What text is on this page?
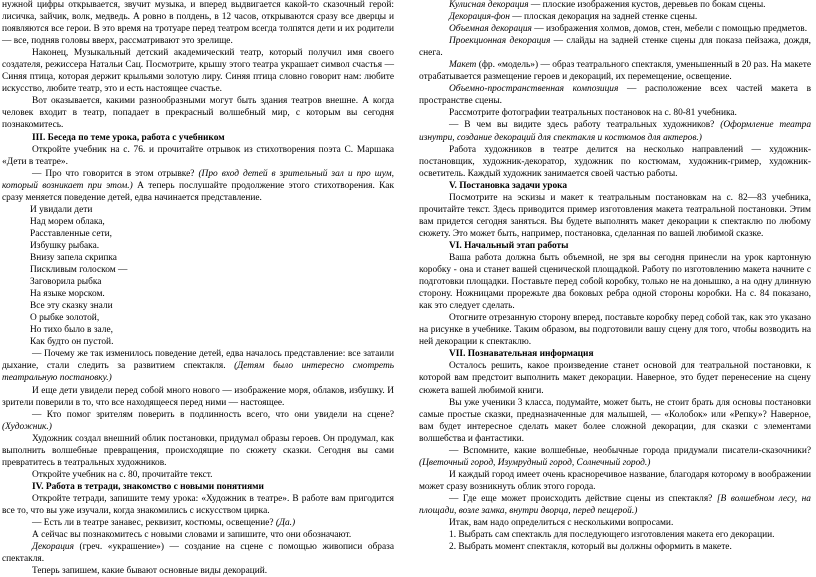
нужной цифры открывается, звучит музыка, и вперед выдвигается какой-то сказочный герой: лисичка, зайчик, волк, медведь. А ровно в полдень, в 12 часов, открываются сразу все дверцы и появляются все герои. В это время на тротуаре перед театром всегда толпятся дети и их родители — все, подняв головы вверх, рассматривают это зрелище.

Наконец, Музыкальный детский академический театр, который получил имя своего создателя, режиссера Натальи Сац. Посмотрите, крышу этого театра украшает символ счастья — Синяя птица, которая держит крыльями золотую лиру. Синяя птица словно говорит нам: любите искусство, любите театр, это и есть настоящее счастье.

Вот оказывается, какими разнообразными могут быть здания театров внешне. А когда человек входит в театр, попадает в прекрасный волшебный мир, с которым вы сегодня познакомитесь.

III. Беседа по теме урока, работа с учебником

Откройте учебник на с. 76. и прочитайте отрывок из стихотворения поэта С. Маршака «Дети в театре».

— Про что говорится в этом отрывке? (Про вход детей в зрительный зал и про шум, который возникает при этом.) А теперь послушайте продолжение этого стихотворения. Как сразу меняется поведение детей, едва начинается представление.

И увидали дети

Над морем облака,

Расставленные сети,

Избушку рыбака.

Внизу запела скрипка

Пискливым голоском —

Заговорила рыбка

На языке морском.

Все эту сказку знали

О рыбке золотой,

Но тихо было в зале,

Как будто он пустой.

— Почему же так изменилось поведение детей, едва началось представление: все затаили дыхание, стали следить за развитием спектакля. (Детям было интересно смотреть театральную постановку.)

И еще дети увидели перед собой много нового — изображение моря, облаков, избушку. И зрители поверили в то, что все находящееся перед ними — настоящее.

— Кто помог зрителям поверить в подлинность всего, что они увидели на сцене? (Художник.)

Художник создал внешний облик постановки, придумал образы героев. Он продумал, как выполнить волшебные превращения, происходящие по сюжету сказки. Сегодня вы сами превратитесь в театральных художников.

Откройте учебник на с. 80, прочитайте текст.

IV. Работа в тетради, знакомство с новыми понятиями

Откройте тетради, запишите тему урока: «Художник в театре». В работе вам пригодится все то, что вы уже изучали, когда знакомились с искусством цирка.

— Есть ли в театре занавес, реквизит, костюмы, освещение? (Да.)

А сейчас вы познакомитесь с новыми словами и запишите, что они обозначают.

Декорация (греч. «украшение») — создание на сцене с помощью живописи образа спектакля.

Теперь запишем, какие бывают основные виды декораций.

Кулисная декорация — плоские изображения кустов, деревьев по бокам сцены.

Декорация-фон — плоская декорация на задней стенке сцены.

Объемная декорация — изображения холмов, домов, стен, мебели с помощью предметов.

Проекционная декорация — слайды на задней стенке сцены для показа пейзажа, дождя, снега.

Макет (фр. «модель») — образ театрального спектакля, уменьшенный в 20 раз. На макете отрабатывается размещение героев и декораций, их перемещение, освещение.

Объемно-пространственная композиция — расположение всех частей макета в пространстве сцены.

Рассмотрите фотографии театральных постановок на с. 80-81 учебника.

— В чем вы видите здесь работу театральных художников? (Оформление театра изнутри, создание декораций для спектакля и костюмов для актеров.)

Работа художников в театре делится на несколько направлений — художник-постановщик, художник-декоратор, художник по костюмам, художник-гример, художник-осветитель. Каждый художник занимается своей частью работы.

V. Постановка задачи урока

Посмотрите на эскизы и макет к театральным постановкам на с. 82—83 учебника, прочитайте текст. Здесь приводится пример изготовления макета театральной постановки. Этим вам придется сегодня заняться. Вы будете выполнять макет декорации к спектаклю по любому сюжету. Это может быть, например, постановка, сделанная по вашей любимой сказке.

VI. Начальный этап работы

Ваша работа должна быть объемной, не зря вы сегодня принесли на урок картонную коробку - она и станет вашей сценической площадкой. Работу по изготовлению макета начните с подготовки площадки. Поставьте перед собой коробку, только не на донышко, а на одну длинную сторону. Ножницами прорежьте два боковых ребра одной стороны коробки. На с. 84 показано, как это следует сделать.

Отогните отрезанную сторону вперед, поставьте коробку перед собой так, как это указано на рисунке в учебнике. Таким образом, вы подготовили вашу сцену для того, чтобы возводить на ней декорации к спектаклю.

VII. Познавательная информация

Осталось решить, какое произведение станет основой для театральной постановки, к которой вам предстоит выполнить макет декорации. Наверное, это будет перенесение на сцену сюжета вашей любимой книги.

Вы уже ученики 3 класса, подумайте, может быть, не стоит брать для основы постановки самые простые сказки, предназначенные для малышей, — «Колобок» или «Репку»? Наверное, вам будет интересное сделать макет более сложной декорации, для сказки с элементами волшебства и фантастики.

— Вспомните, какие волшебные, необычные города придумали писатели-сказочники? (Цветочный город, Изумрудный город, Солнечный город.)

И каждый город имеет очень красноречивое название, благодаря которому в воображении может сразу возникнуть облик этого города.

— Где еще может происходить действие сцены из спектакля? [В волшебном лесу, на площади, возле замка, внутри дворца, перед пещерой.)

Итак, вам надо определиться с несколькими вопросами.

1. Выбрать сам спектакль для последующего изготовления макета его декорации.

2. Выбрать момент спектакля, который вы должны оформить в макете.
